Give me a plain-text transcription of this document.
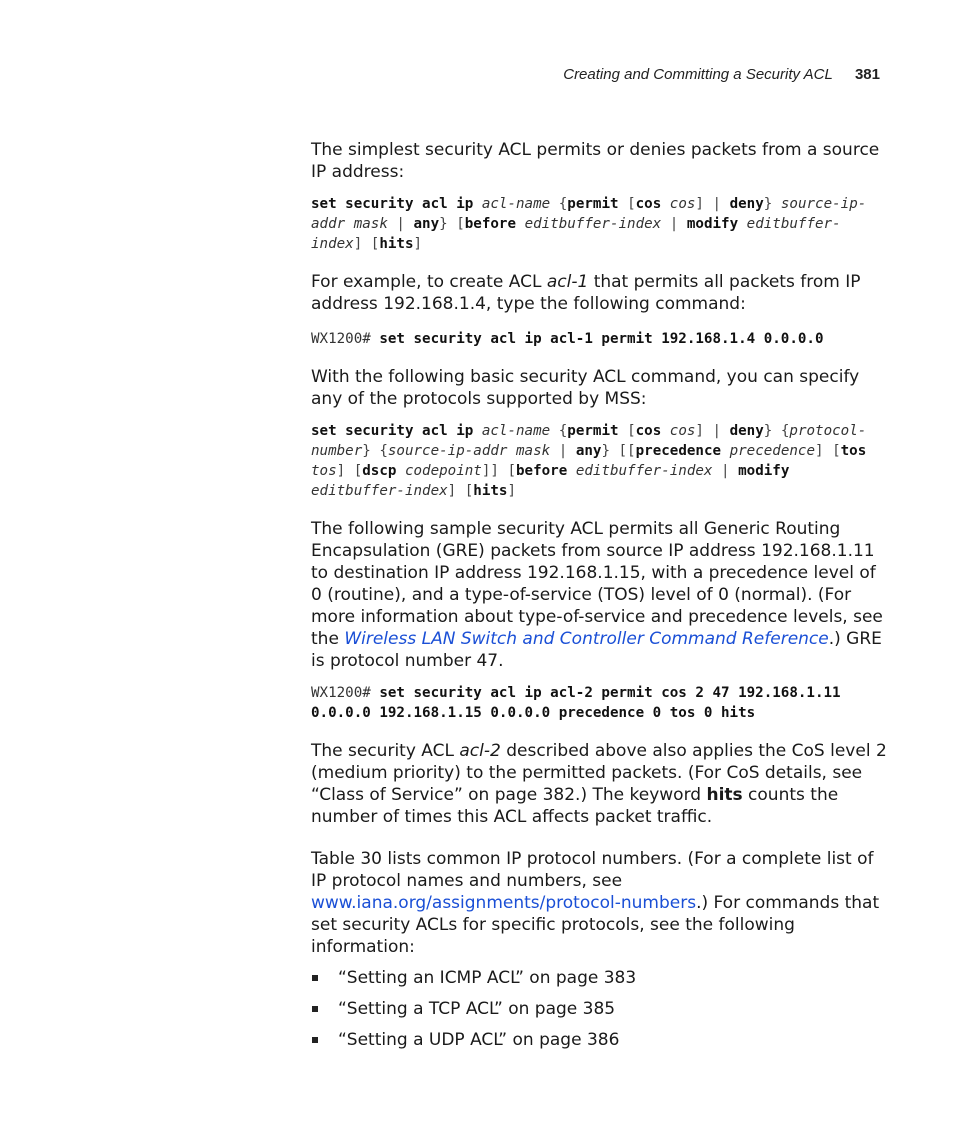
Creating and Committing a Security ACL 381

The simplest security ACL permits or denies packets from a source IP address:

set security acl ip acl-name {permit [cos cos] | deny} source-ip-addr mask | any} [before editbuffer-index | modify editbuffer-index] [hits]

For example, to create ACL acl-1 that permits all packets from IP address 192.168.1.4, type the following command:

WX1200# set security acl ip acl-1 permit 192.168.1.4 0.0.0.0

With the following basic security ACL command, you can specify any of the protocols supported by MSS:

set security acl ip acl-name {permit [cos cos] | deny} {protocol-number} {source-ip-addr mask | any} [[precedence precedence] [tos tos] [dscp codepoint]] [before editbuffer-index | modify editbuffer-index] [hits]

The following sample security ACL permits all Generic Routing Encapsulation (GRE) packets from source IP address 192.168.1.11 to destination IP address 192.168.1.15, with a precedence level of 0 (routine), and a type-of-service (TOS) level of 0 (normal). (For more information about type-of-service and precedence levels, see the Wireless LAN Switch and Controller Command Reference.) GRE is protocol number 47.

WX1200# set security acl ip acl-2 permit cos 2 47 192.168.1.11 0.0.0.0 192.168.1.15 0.0.0.0 precedence 0 tos 0 hits

The security ACL acl-2 described above also applies the CoS level 2 (medium priority) to the permitted packets. (For CoS details, see “Class of Service” on page 382.) The keyword hits counts the number of times this ACL affects packet traffic.

Table 30 lists common IP protocol numbers. (For a complete list of IP protocol names and numbers, see www.iana.org/assignments/protocol-numbers.) For commands that set security ACLs for specific protocols, see the following information:

“Setting an ICMP ACL” on page 383
“Setting a TCP ACL” on page 385
“Setting a UDP ACL” on page 386
